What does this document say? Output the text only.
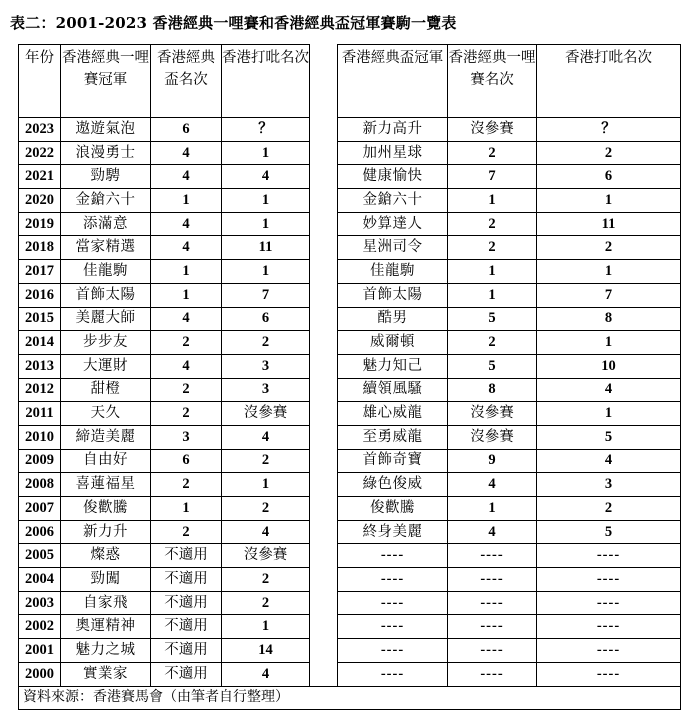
表二：2001-2023 香港經典一哩賽和香港經典盃冠軍賽駒一覽表
年份	香港經典一哩賽冠軍	香港經典盃名次	香港打吡名次		香港經典盃冠軍	香港經典一哩賽名次	香港打吡名次
2023	遨遊氣泡	6	？		新力高升	沒參賽	？
2022	浪漫勇士	4	1		加州星球	2	2
2021	勁騁	4	4		健康愉快	7	6
2020	金鎗六十	1	1		金鎗六十	1	1
2019	添滿意	4	1		妙算達人	2	11
2018	當家精選	4	11		星洲司令	2	2
2017	佳龍駒	1	1		佳龍駒	1	1
2016	首飾太陽	1	7		首飾太陽	1	7
2015	美麗大師	4	6		酷男	5	8
2014	步步友	2	2		威爾頓	2	1
2013	大運財	4	3		魅力知己	5	10
2012	甜橙	2	3		續領風騷	8	4
2011	天久	2	沒參賽		雄心威龍	沒參賽	1
2010	締造美麗	3	4		至勇威龍	沒參賽	5
2009	自由好	6	2		首飾奇寶	9	4
2008	喜蓮福星	2	1		綠色俊威	4	3
2007	俊歡騰	1	2		俊歡騰	1	2
2006	新力升	2	4		終身美麗	4	5
2005	燦惑	不適用	沒參賽		----	----	----
2004	勁闖	不適用	2		----	----	----
2003	自家飛	不適用	2		----	----	----
2002	奧運精神	不適用	1		----	----	----
2001	魅力之城	不適用	14		----	----	----
2000	實業家	不適用	4		----	----	----
資料來源：香港賽馬會（由筆者自行整理）							
